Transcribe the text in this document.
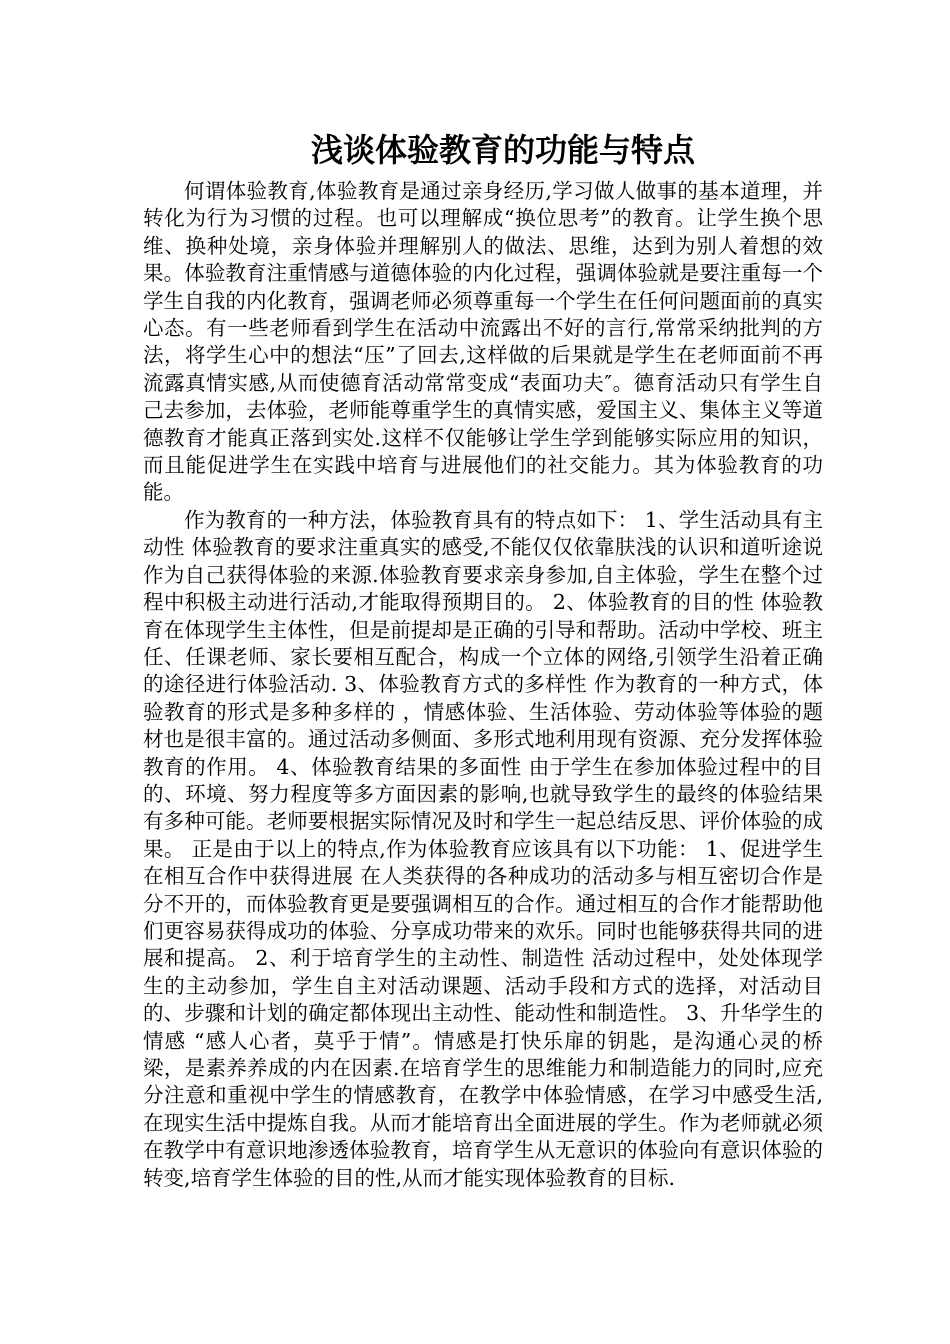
浅谈体验教育的功能与特点

何谓体验教育,体验教育是通过亲身经历,学习做人做事的基本道理，并转化为行为习惯的过程。也可以理解成“换位思考”的教育。让学生换个思维、换种处境，亲身体验并理解别人的做法、思维，达到为别人着想的效果。体验教育注重情感与道德体验的内化过程，强调体验就是要注重每一个学生自我的内化教育，强调老师必须尊重每一个学生在任何问题面前的真实心态。有一些老师看到学生在活动中流露出不好的言行,常常采纳批判的方法，将学生心中的想法“压”了回去,这样做的后果就是学生在老师面前不再流露真情实感,从而使德育活动常常变成“表面功夫″。德育活动只有学生自己去参加，去体验，老师能尊重学生的真情实感，爱国主义、集体主义等道德教育才能真正落到实处.这样不仅能够让学生学到能够实际应用的知识，而且能促进学生在实践中培育与进展他们的社交能力。其为体验教育的功能。

作为教育的一种方法，体验教育具有的特点如下： 1、学生活动具有主动性 体验教育的要求注重真实的感受,不能仅仅依靠肤浅的认识和道听途说作为自己获得体验的来源.体验教育要求亲身参加,自主体验，学生在整个过程中积极主动进行活动,才能取得预期目的。 2、体验教育的目的性 体验教育在体现学生主体性，但是前提却是正确的引导和帮助。活动中学校、班主任、任课老师、家长要相互配合，构成一个立体的网络,引领学生沿着正确的途径进行体验活动. 3、体验教育方式的多样性 作为教育的一种方式，体验教育的形式是多种多样的 ，情感体验、生活体验、劳动体验等体验的题材也是很丰富的。通过活动多侧面、多形式地利用现有资源、充分发挥体验教育的作用。 4、体验教育结果的多面性 由于学生在参加体验过程中的目的、环境、努力程度等多方面因素的影响,也就导致学生的最终的体验结果有多种可能。老师要根据实际情况及时和学生一起总结反思、评价体验的成果。 正是由于以上的特点,作为体验教育应该具有以下功能： 1、促进学生在相互合作中获得进展 在人类获得的各种成功的活动多与相互密切合作是分不开的，而体验教育更是要强调相互的合作。通过相互的合作才能帮助他们更容易获得成功的体验、分享成功带来的欢乐。同时也能够获得共同的进展和提高。 2、利于培育学生的主动性、制造性 活动过程中，处处体现学生的主动参加，学生自主对活动课题、活动手段和方式的选择，对活动目的、步骤和计划的确定都体现出主动性、能动性和制造性。 3、升华学生的情感 “感人心者，莫乎于情”。情感是打快乐扉的钥匙，是沟通心灵的桥梁，是素养养成的内在因素.在培育学生的思维能力和制造能力的同时,应充分注意和重视中学生的情感教育，在教学中体验情感，在学习中感受生活,在现实生活中提炼自我。从而才能培育出全面进展的学生。作为老师就必须在教学中有意识地渗透体验教育，培育学生从无意识的体验向有意识体验的转变,培育学生体验的目的性,从而才能实现体验教育的目标.
